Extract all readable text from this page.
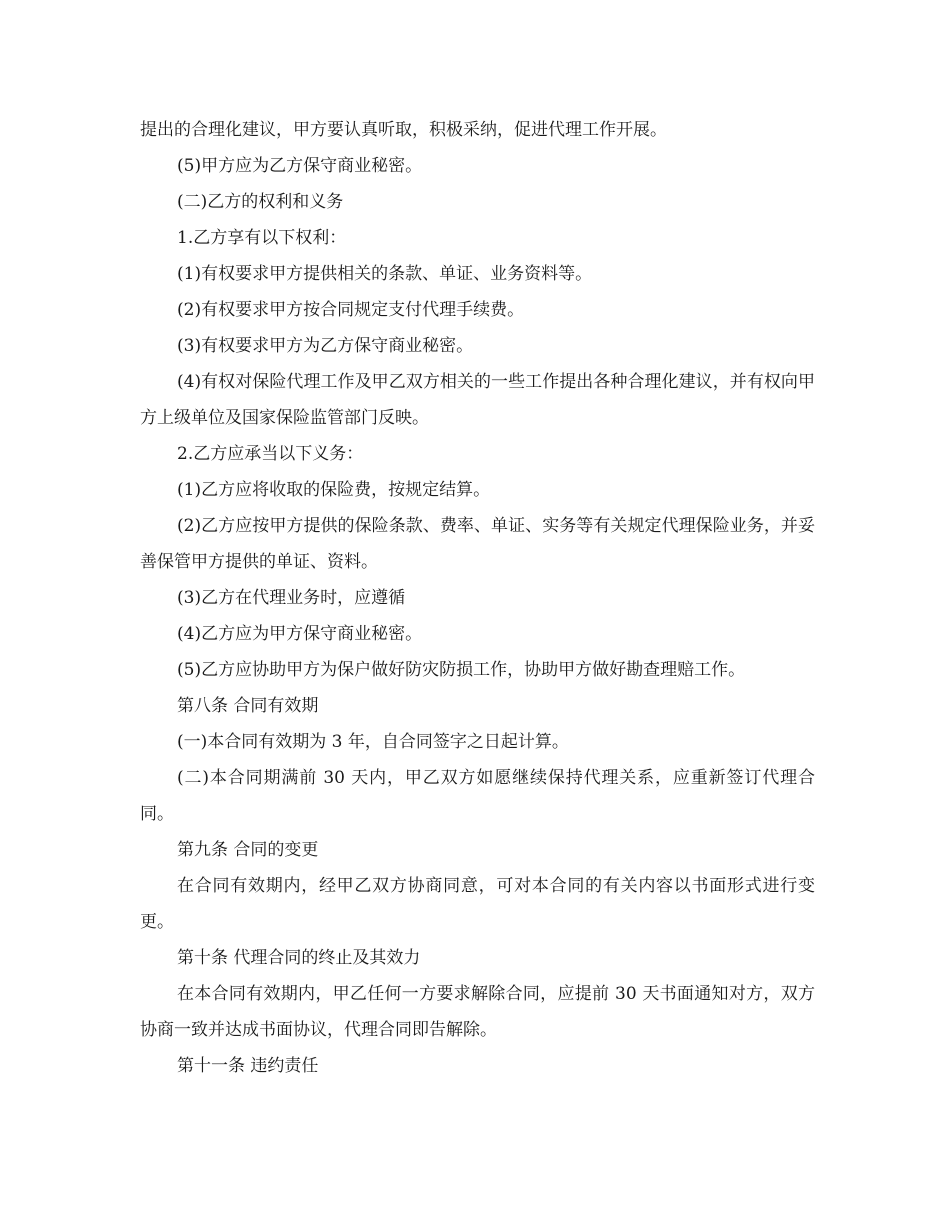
提出的合理化建议，甲方要认真听取，积极采纳，促进代理工作开展。

(5)甲方应为乙方保守商业秘密。

(二)乙方的权利和义务

1.乙方享有以下权利：

(1)有权要求甲方提供相关的条款、单证、业务资料等。

(2)有权要求甲方按合同规定支付代理手续费。

(3)有权要求甲方为乙方保守商业秘密。

(4)有权对保险代理工作及甲乙双方相关的一些工作提出各种合理化建议，并有权向甲方上级单位及国家保险监管部门反映。

2.乙方应承当以下义务：

(1)乙方应将收取的保险费，按规定结算。

(2)乙方应按甲方提供的保险条款、费率、单证、实务等有关规定代理保险业务，并妥善保管甲方提供的单证、资料。

(3)乙方在代理业务时，应遵循

(4)乙方应为甲方保守商业秘密。

(5)乙方应协助甲方为保户做好防灾防损工作，协助甲方做好勘查理赔工作。

第八条 合同有效期

(一)本合同有效期为 3 年，自合同签字之日起计算。

(二)本合同期满前 30 天内，甲乙双方如愿继续保持代理关系，应重新签订代理合同。

第九条 合同的变更

在合同有效期内，经甲乙双方协商同意，可对本合同的有关内容以书面形式进行变更。

第十条 代理合同的终止及其效力

在本合同有效期内，甲乙任何一方要求解除合同，应提前 30 天书面通知对方，双方协商一致并达成书面协议，代理合同即告解除。

第十一条 违约责任
